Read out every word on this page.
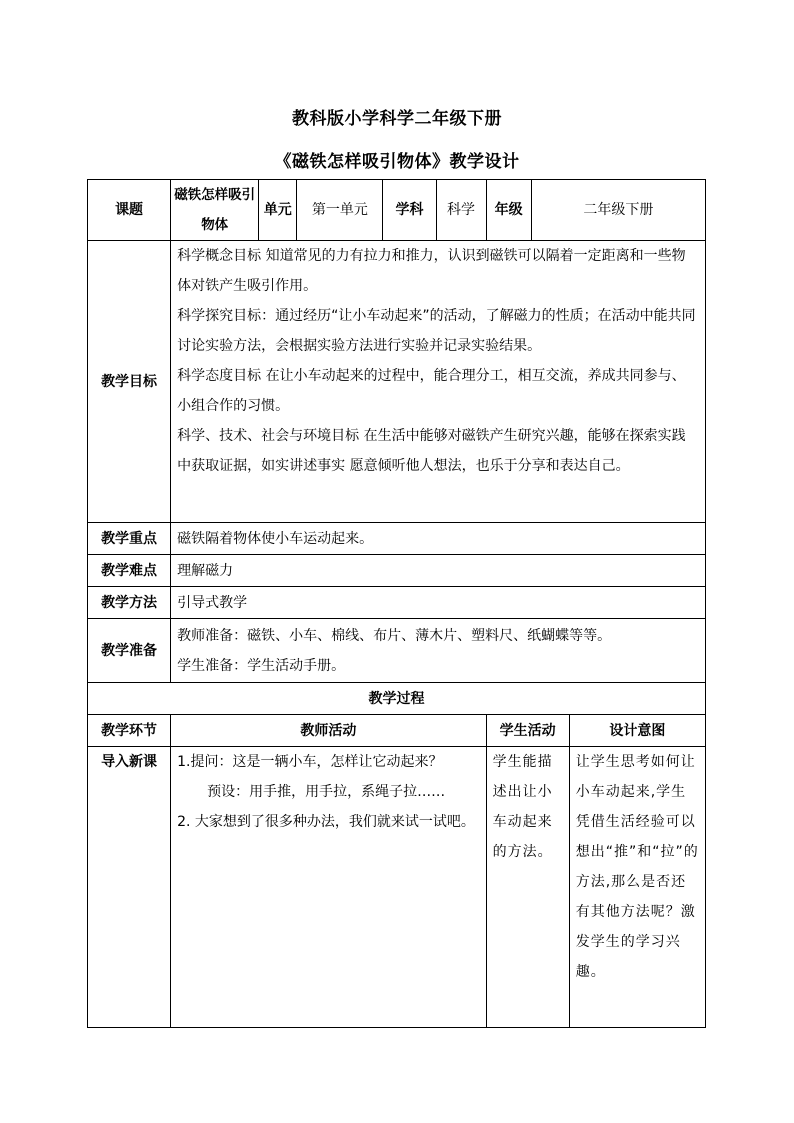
教科版小学科学二年级下册
《磁铁怎样吸引物体》教学设计
课题	磁铁怎样吸引物体	单元	第一单元	学科	科学	年级	二年级下册	
教学目标	科学概念目标 知道常见的力有拉力和推力，认识到磁铁可以隔着一定距离和一些物体对铁产生吸引作用。
科学探究目标：通过经历“让小车动起来”的活动，了解磁力的性质；在活动中能共同讨论实验方法，会根据实验方法进行实验并记录实验结果。
科学态度目标 在让小车动起来的过程中，能合理分工，相互交流，养成共同参与、小组合作的习惯。
科学、技术、社会与环境目标 在生活中能够对磁铁产生研究兴趣，能够在探索实践中获取证据，如实讲述事实 愿意倾听他人想法，也乐于分享和表达自己。							

教学重点	磁铁隔着物体使小车运动起来。							
教学难点	理解磁力							
教学方法	引导式教学							
教学准备	教师准备：磁铁、小车、棉线、布片、薄木片、塑料尺、纸蝴蝶等等。
学生准备：学生活动手册。							

教学过程								
教学环节	教师活动					学生活动		设计意图
导入新课	1.提问：这是一辆小车，怎样让它动起来？
预设：用手推，用手拉，系绳子拉……
2. 大家想到了很多种办法，我们就来试一试吧。					学生能描述出让小车动起来的方法。		让学生思考如何让小车动起来,学生凭借生活经验可以想出“推”和“拉”的方法,那么是否还有其他方法呢？激发学生的学习兴趣。
